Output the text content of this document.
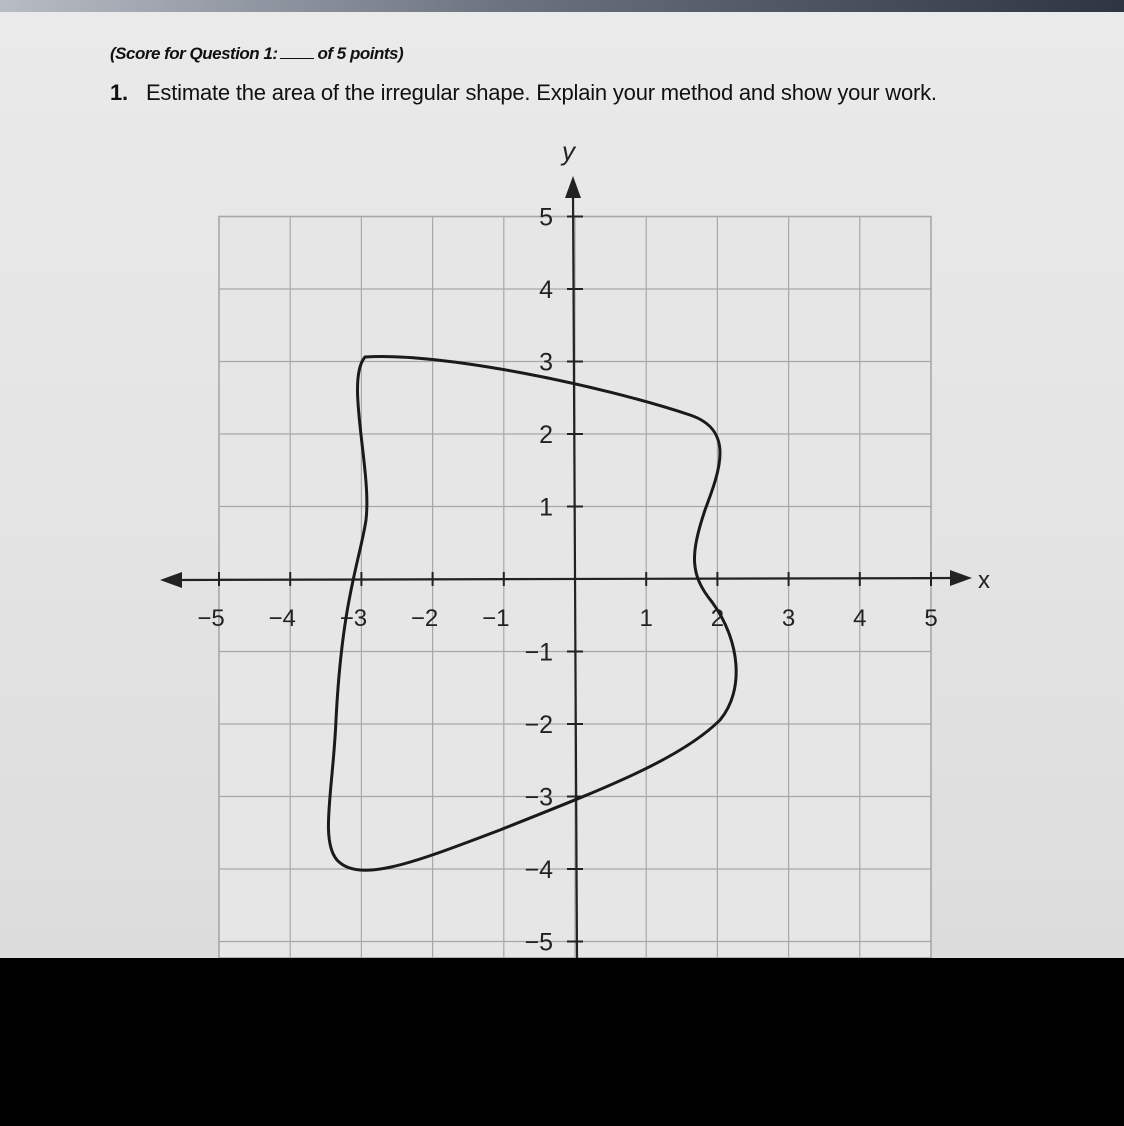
(Score for Question 1: of 5 points)
1. Estimate the area of the irregular shape. Explain your method and show your work.
x
y
−5 −4 −3 −2 −1	1 2 3 4 5
5
4
3
2
1
−1
−2
−3
−4
−5
